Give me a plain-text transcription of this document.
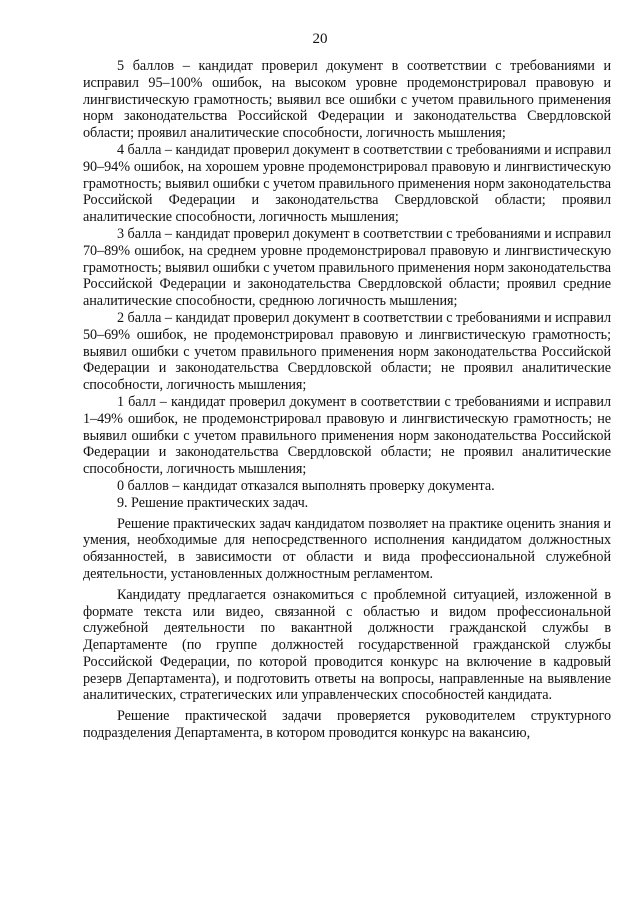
20

5 баллов – кандидат проверил документ в соответствии с требованиями и исправил 95–100% ошибок, на высоком уровне продемонстрировал правовую и лингвистическую грамотность; выявил все ошибки с учетом правильного применения норм законодательства Российской Федерации и законодательства Свердловской области; проявил аналитические способности, логичность мышления;

4 балла – кандидат проверил документ в соответствии с требованиями и исправил 90–94% ошибок, на хорошем уровне продемонстрировал правовую и лингвистическую грамотность; выявил ошибки с учетом правильного применения норм законодательства Российской Федерации и законодательства Свердловской области; проявил аналитические способности, логичность мышления;

3 балла – кандидат проверил документ в соответствии с требованиями и исправил 70–89% ошибок, на среднем уровне продемонстрировал правовую и лингвистическую грамотность; выявил ошибки с учетом правильного применения норм законодательства Российской Федерации и законодательства Свердловской области; проявил средние аналитические способности, среднюю логичность мышления;

2 балла – кандидат проверил документ в соответствии с требованиями и исправил 50–69% ошибок, не продемонстрировал правовую и лингвистическую грамотность; выявил ошибки с учетом правильного применения норм законодательства Российской Федерации и законодательства Свердловской области; не проявил аналитические способности, логичность мышления;

1 балл – кандидат проверил документ в соответствии с требованиями и исправил 1–49% ошибок, не продемонстрировал правовую и лингвистическую грамотность; не выявил ошибки с учетом правильного применения норм законодательства Российской Федерации и законодательства Свердловской области; не проявил аналитические способности, логичность мышления;

0 баллов – кандидат отказался выполнять проверку документа.

9. Решение практических задач.

Решение практических задач кандидатом позволяет на практике оценить знания и умения, необходимые для непосредственного исполнения кандидатом должностных обязанностей, в зависимости от области и вида профессиональной служебной деятельности, установленных должностным регламентом.

Кандидату предлагается ознакомиться с проблемной ситуацией, изложенной в формате текста или видео, связанной с областью и видом профессиональной служебной деятельности по вакантной должности гражданской службы в Департаменте (по группе должностей государственной гражданской службы Российской Федерации, по которой проводится конкурс на включение в кадровый резерв Департамента), и подготовить ответы на вопросы, направленные на выявление аналитических, стратегических или управленческих способностей кандидата.

Решение практической задачи проверяется руководителем структурного подразделения Департамента, в котором проводится конкурс на вакансию,
